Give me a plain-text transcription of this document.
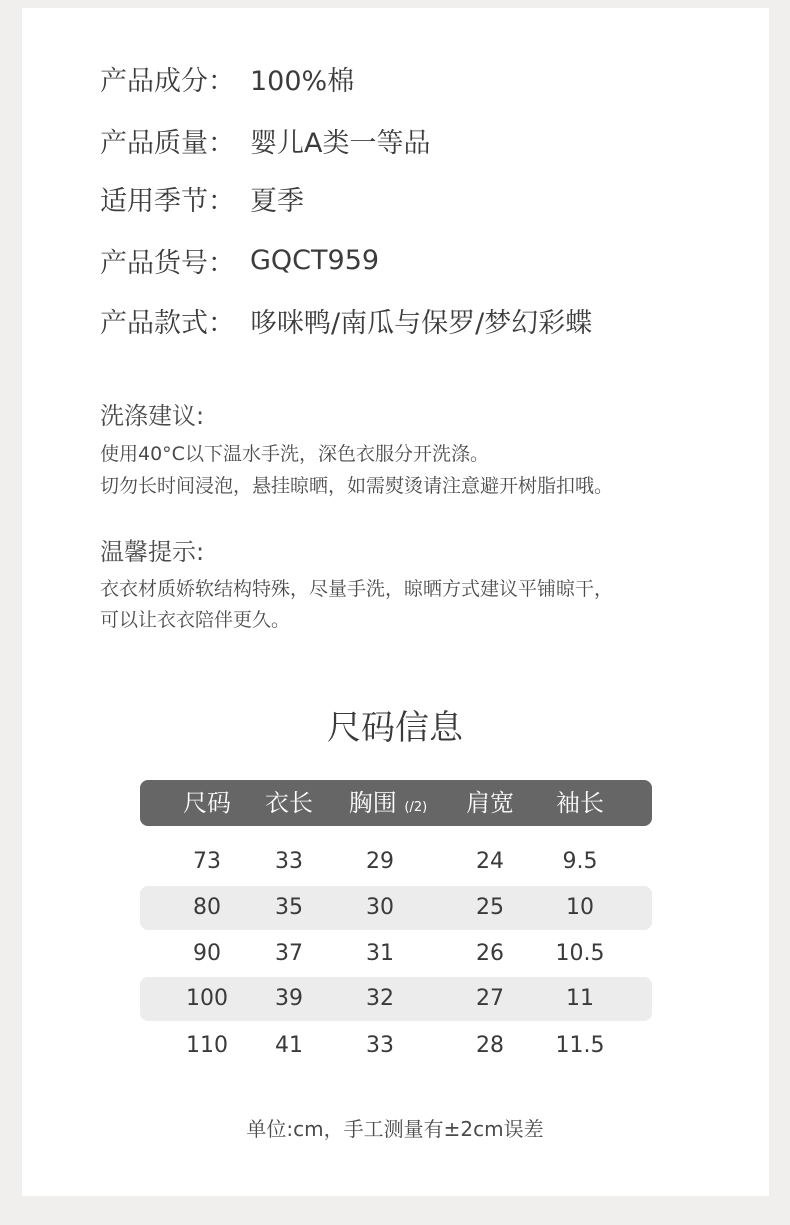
产品成分： 100%棉
产品质量： 婴儿A类一等品
适用季节： 夏季
产品货号： GQCT959
产品款式： 哆咪鸭/南瓜与保罗/梦幻彩蝶
洗涤建议:
使用40°C以下温水手洗，深色衣服分开洗涤。
切勿长时间浸泡，悬挂晾晒，如需熨烫请注意避开树脂扣哦。
温馨提示:
衣衣材质娇软结构特殊，尽量手洗，晾晒方式建议平铺晾干，
可以让衣衣陪伴更久。
尺码信息
尺码 衣长 胸围 (/2) 肩宽 袖长
73 33	29	24	9.5
80 35	30	25	10
90 37	31	26 10.5
100 39	32	27	11
110 41	33	28 11.5
单位:cm，手工测量有±2cm误差
